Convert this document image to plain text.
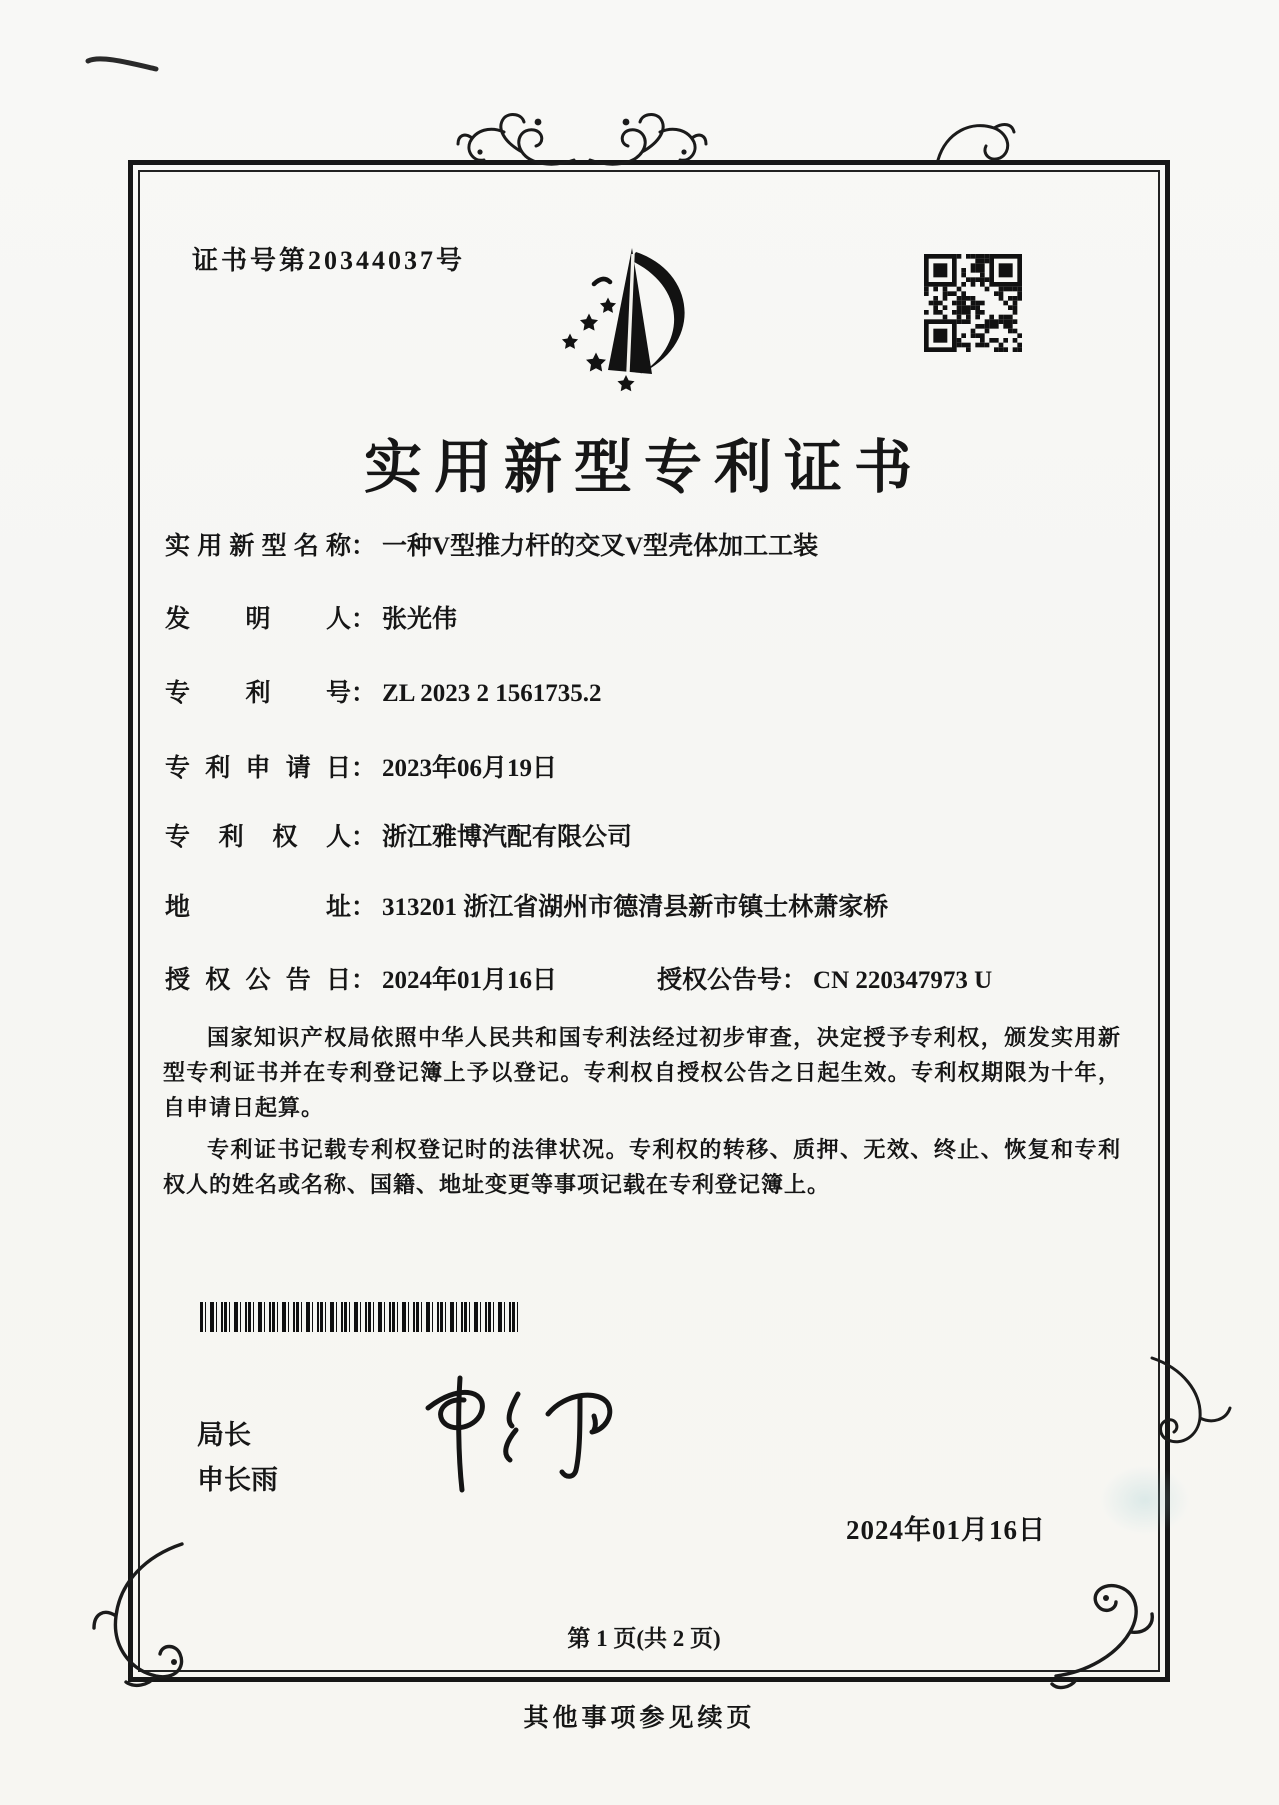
证书号第20344037号
实用新型专利证书
实用新型名称： 一种V型推力杆的交叉V型壳体加工工装
发明人： 张光伟
专利号： ZL 2023 2 1561735.2
专利申请日： 2023年06月19日
专利权人： 浙江雅博汽配有限公司
地址： 313201 浙江省湖州市德清县新市镇士林萧家桥
授权公告日： 2024年01月16日	授权公告号： CN 220347973 U

国家知识产权局依照中华人民共和国专利法经过初步审查，决定授予专利权，颁发实用新型专利证书并在专利登记簿上予以登记。专利权自授权公告之日起生效。专利权期限为十年，自申请日起算。

专利证书记载专利权登记时的法律状况。专利权的转移、质押、无效、终止、恢复和专利权人的姓名或名称、国籍、地址变更等事项记载在专利登记簿上。

局长
申长雨
2024年01月16日
第 1 页(共 2 页)
其他事项参见续页
